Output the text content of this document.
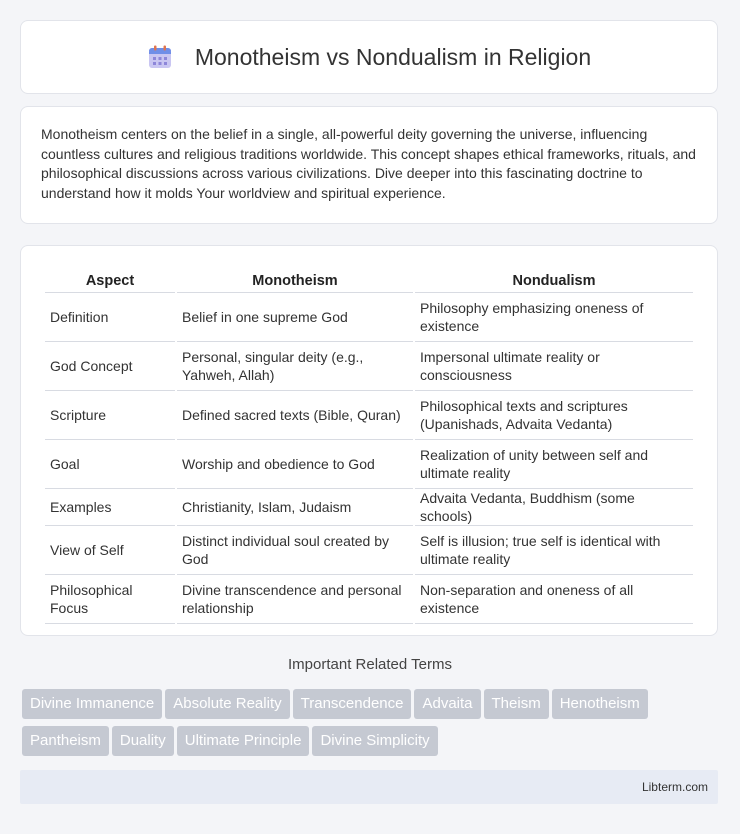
Monotheism vs Nondualism in Religion

Monotheism centers on the belief in a single, all-powerful deity governing the universe, influencing countless cultures and religious traditions worldwide. This concept shapes ethical frameworks, rituals, and philosophical discussions across various civilizations. Dive deeper into this fascinating doctrine to understand how it molds Your worldview and spiritual experience.

Aspect	Monotheism	Nondualism
Definition	Belief in one supreme God	Philosophy emphasizing oneness of existence
God Concept	Personal, singular deity (e.g., Yahweh, Allah)	Impersonal ultimate reality or consciousness
Scripture	Defined sacred texts (Bible, Quran)	Philosophical texts and scriptures (Upanishads, Advaita Vedanta)
Goal	Worship and obedience to God	Realization of unity between self and ultimate reality
Examples	Christianity, Islam, Judaism	Advaita Vedanta, Buddhism (some schools)
View of Self	Distinct individual soul created by God	Self is illusion; true self is identical with ultimate reality
Philosophical Focus	Divine transcendence and personal relationship	Non-separation and oneness of all existence
Important Related Terms
Divine Immanence Absolute Reality Transcendence Advaita Theism Henotheism
Pantheism Duality Ultimate Principle Divine Simplicity
Libterm.com
